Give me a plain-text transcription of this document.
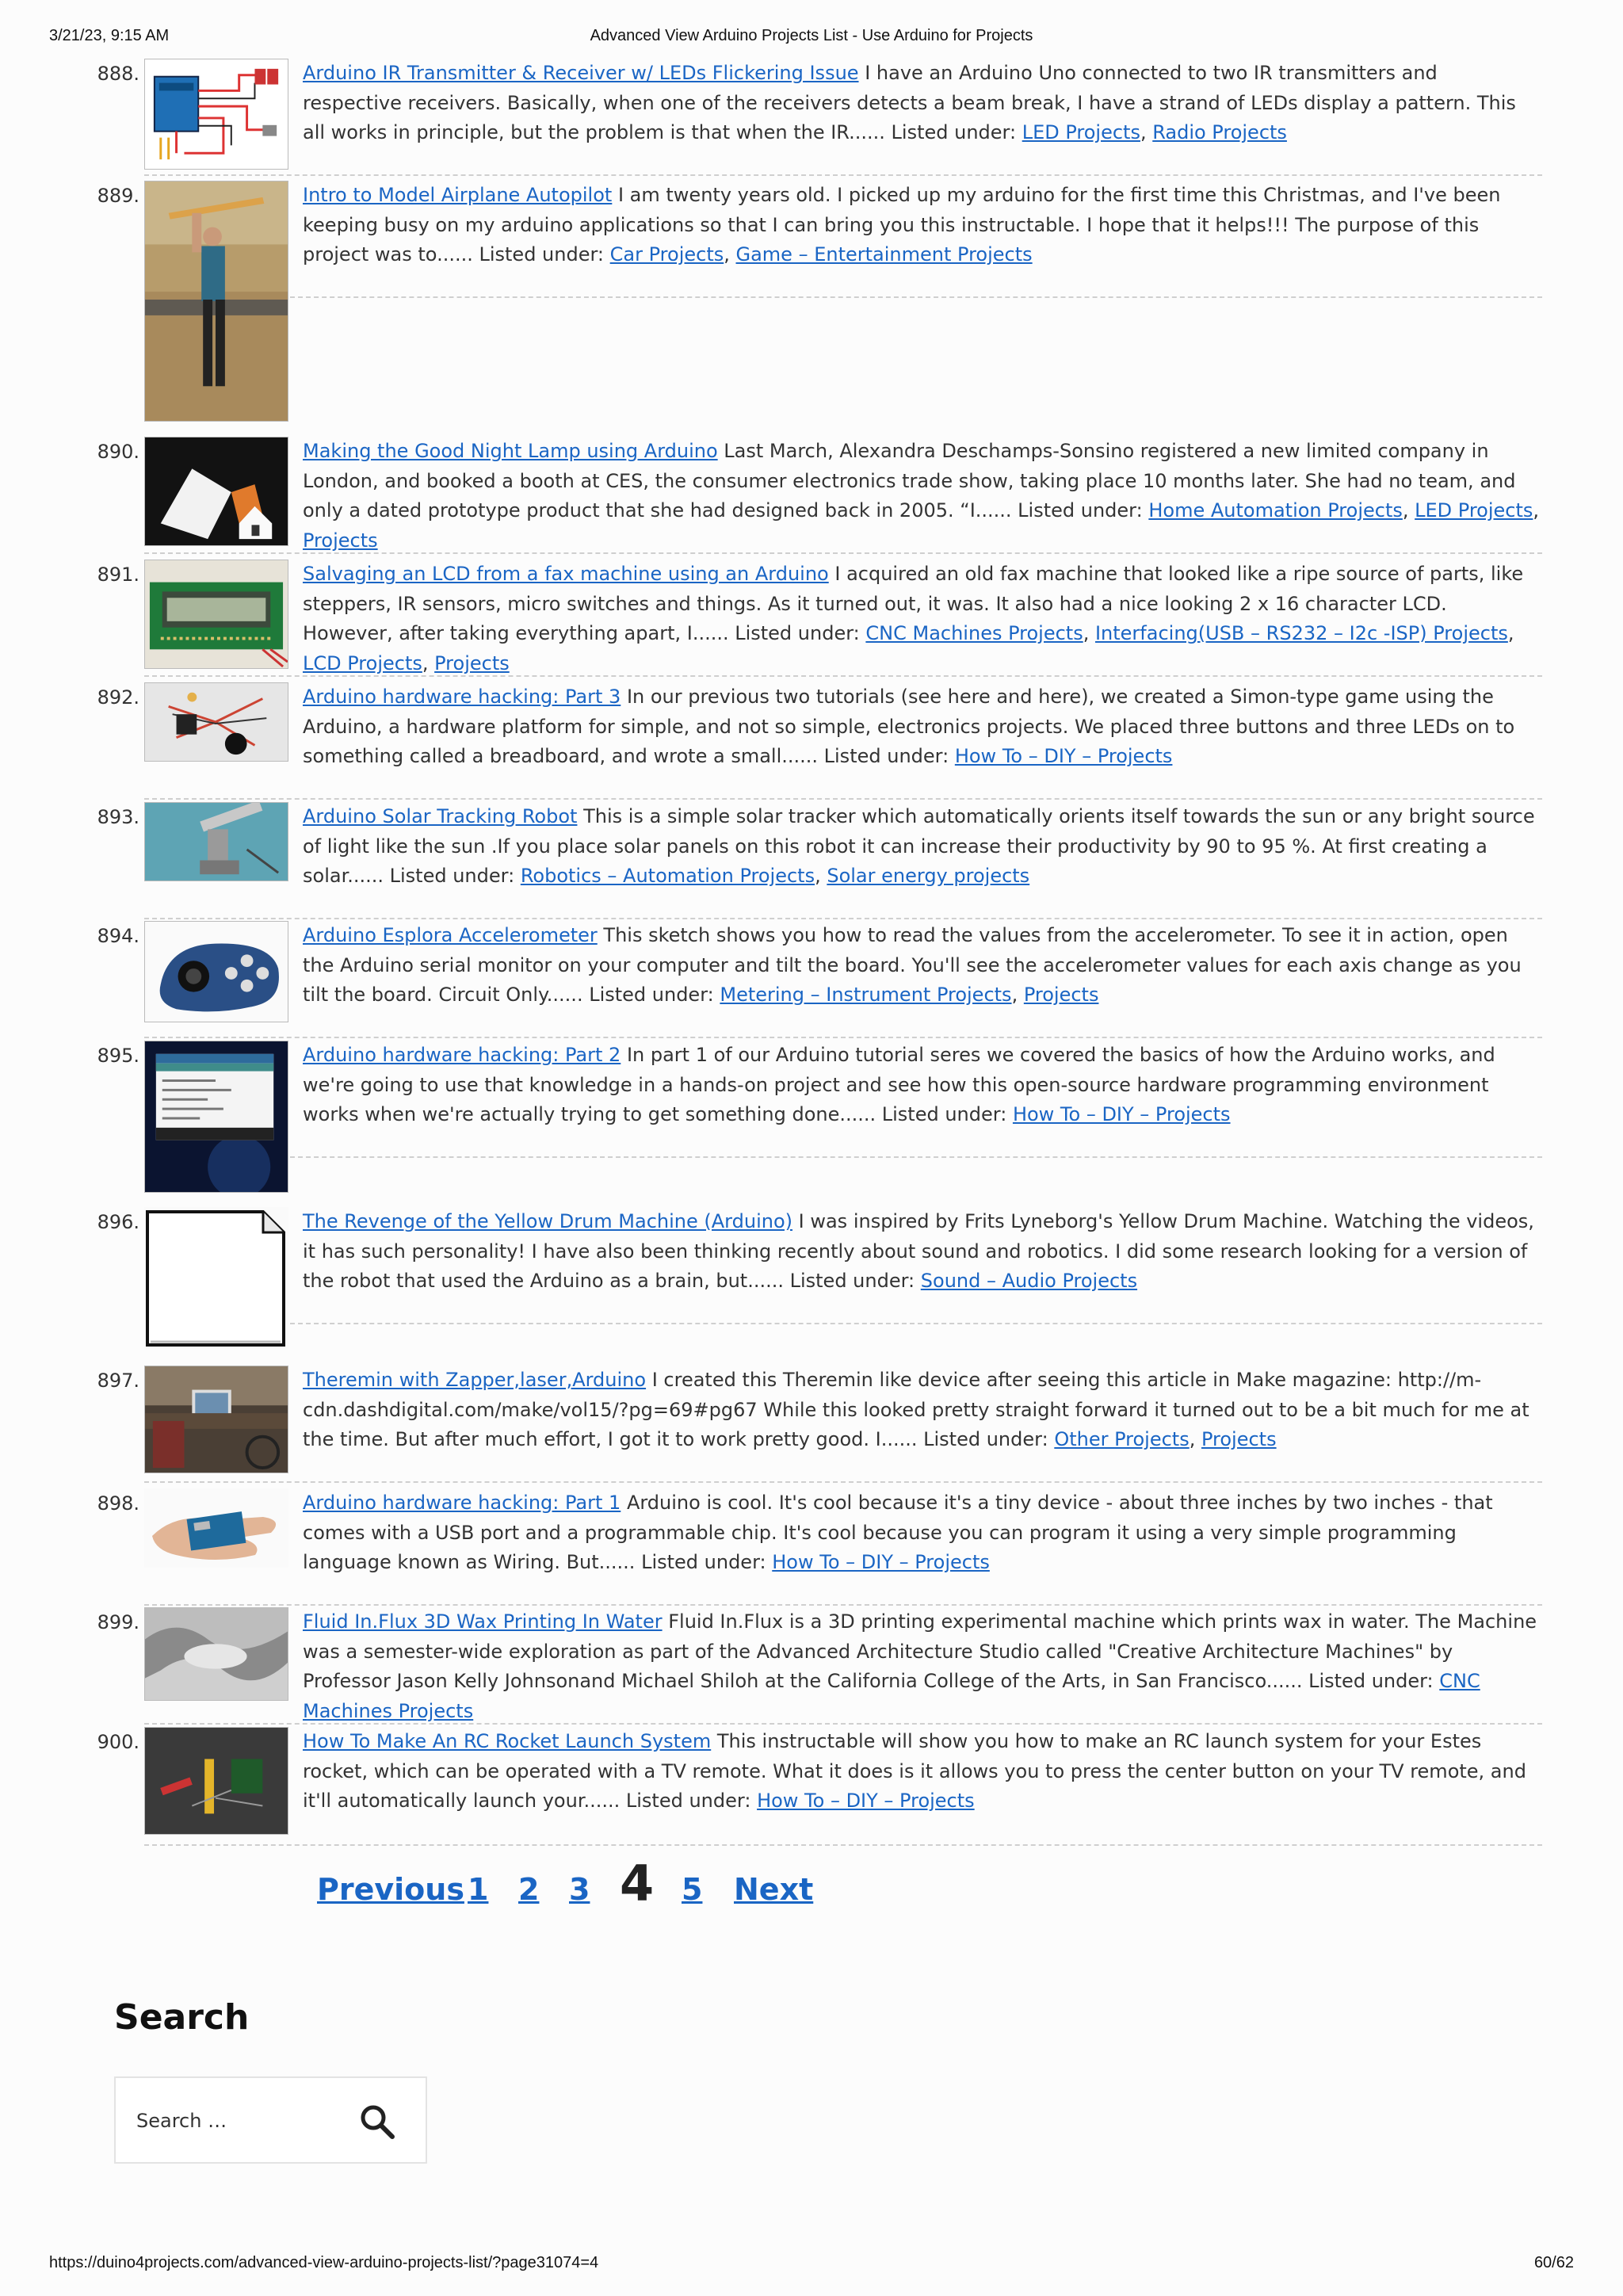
3/21/23, 9:15 AM	Advanced View Arduino Projects List - Use Arduino for Projects
888.	Arduino IR Transmitter & Receiver w/ LEDs Flickering Issue I have an Arduino Uno connected to two IR transmitters and respective receivers. Basically, when one of the receivers detects a beam break, I have a strand of LEDs display a pattern. This all works in principle, but the problem is that when the IR...... Listed under: LED Projects, Radio Projects
889.	Intro to Model Airplane Autopilot I am twenty years old. I picked up my arduino for the first time this Christmas, and I've been keeping busy on my arduino applications so that I can bring you this instructable. I hope that it helps!!! The purpose of this project was to...... Listed under: Car Projects, Game – Entertainment Projects
890.	Making the Good Night Lamp using Arduino Last March, Alexandra Deschamps-Sonsino registered a new limited company in London, and booked a booth at CES, the consumer electronics trade show, taking place 10 months later. She had no team, and only a dated prototype product that she had designed back in 2005. “I...... Listed under: Home Automation Projects, LED Projects, Projects
891.	Salvaging an LCD from a fax machine using an Arduino I acquired an old fax machine that looked like a ripe source of parts, like steppers, IR sensors, micro switches and things. As it turned out, it was. It also had a nice looking 2 x 16 character LCD. However, after taking everything apart, I...... Listed under: CNC Machines Projects, Interfacing(USB – RS232 – I2c -ISP) Projects, LCD Projects, Projects
892.	Arduino hardware hacking: Part 3 In our previous two tutorials (see here and here), we created a Simon-type game using the Arduino, a hardware platform for simple, and not so simple, electronics projects. We placed three buttons and three LEDs on to something called a breadboard, and wrote a small...... Listed under: How To – DIY – Projects
893.	Arduino Solar Tracking Robot This is a simple solar tracker which automatically orients itself towards the sun or any bright source of light like the sun .If you place solar panels on this robot it can increase their productivity by 90 to 95 %. At first creating a solar...... Listed under: Robotics – Automation Projects, Solar energy projects
894.	Arduino Esplora Accelerometer This sketch shows you how to read the values from the accelerometer. To see it in action, open the Arduino serial monitor on your computer and tilt the board. You'll see the accelerometer values for each axis change as you tilt the board. Circuit Only...... Listed under: Metering – Instrument Projects, Projects
895.	Arduino hardware hacking: Part 2 In part 1 of our Arduino tutorial seres we covered the basics of how the Arduino works, and we're going to use that knowledge in a hands-on project and see how this open-source hardware programming environment works when we're actually trying to get something done...... Listed under: How To – DIY – Projects
896.	The Revenge of the Yellow Drum Machine (Arduino) I was inspired by Frits Lyneborg's Yellow Drum Machine. Watching the videos, it has such personality! I have also been thinking recently about sound and robotics. I did some research looking for a version of the robot that used the Arduino as a brain, but...... Listed under: Sound – Audio Projects
897.	Theremin with Zapper,laser,Arduino I created this Theremin like device after seeing this article in Make magazine: http://m-cdn.dashdigital.com/make/vol15/?pg=69#pg67 While this looked pretty straight forward it turned out to be a bit much for me at the time. But after much effort, I got it to work pretty good. I...... Listed under: Other Projects, Projects
898.	Arduino hardware hacking: Part 1 Arduino is cool. It's cool because it's a tiny device - about three inches by two inches - that comes with a USB port and a programmable chip. It's cool because you can program it using a very simple programming language known as Wiring. But...... Listed under: How To – DIY – Projects
899.	Fluid In.Flux 3D Wax Printing In Water Fluid In.Flux is a 3D printing experimental machine which prints wax in water. The Machine was a semester-wide exploration as part of the Advanced Architecture Studio called "Creative Architecture Machines" by Professor Jason Kelly Johnsonand Michael Shiloh at the California College of the Arts, in San Francisco...... Listed under: CNC Machines Projects
900.	How To Make An RC Rocket Launch System This instructable will show you how to make an RC launch system for your Estes rocket, which can be operated with a TV remote. What it does is it allows you to press the center button on your TV remote, and it'll automatically launch your...... Listed under: How To – DIY – Projects
Previous 1 2 3 4 5 Next
Search
Search …
https://duino4projects.com/advanced-view-arduino-projects-list/?page31074=4	60/62
